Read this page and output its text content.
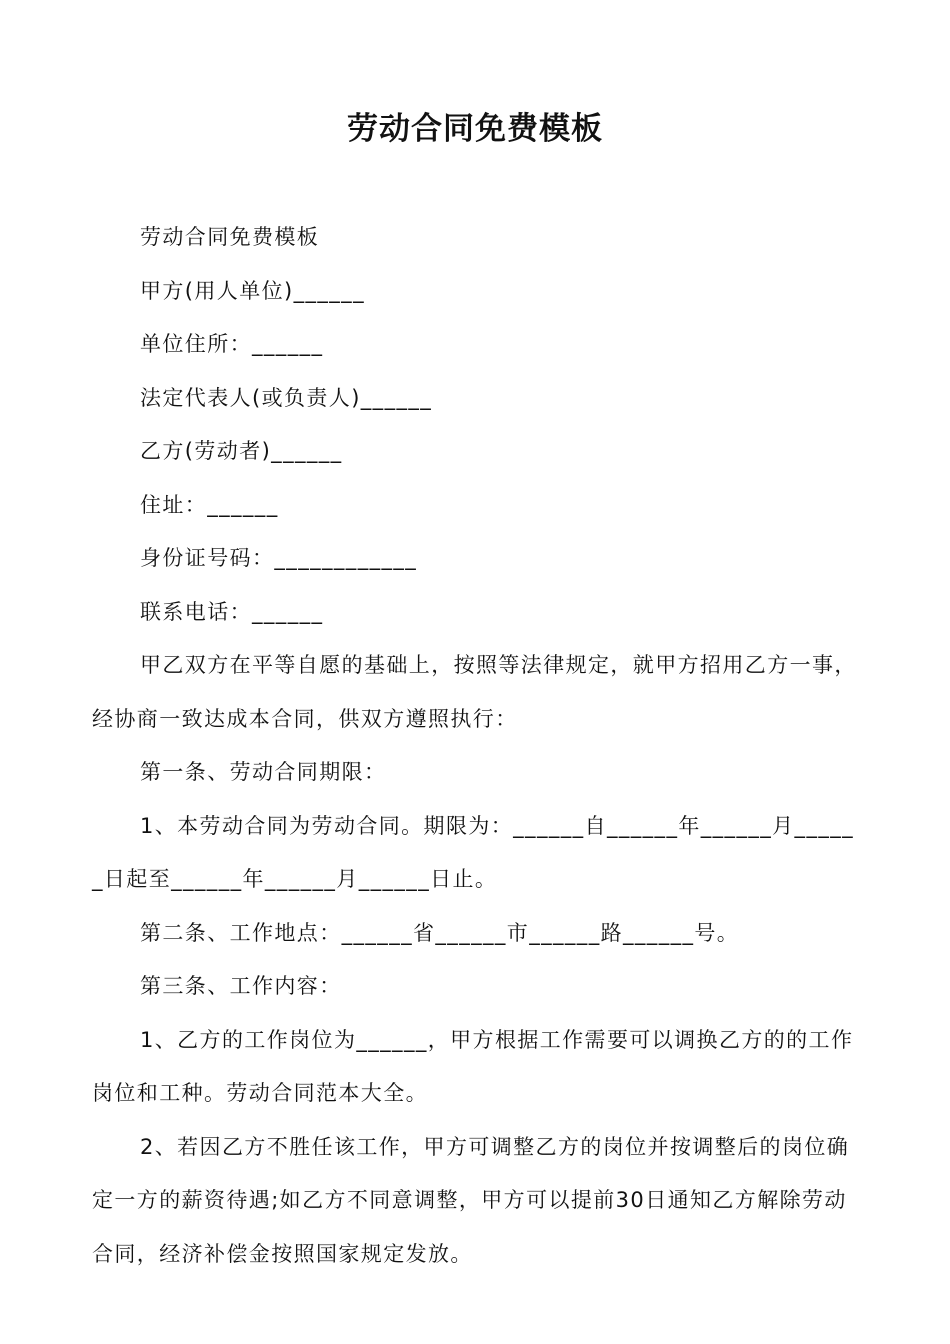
劳动合同免费模板

劳动合同免费模板

甲方(用人单位)______

单位住所：______

法定代表人(或负责人)______

乙方(劳动者)______

住址：______

身份证号码：____________

联系电话：______

甲乙双方在平等自愿的基础上，按照等法律规定，就甲方招用乙方一事，经协商一致达成本合同，供双方遵照执行：

第一条、劳动合同期限：

1、本劳动合同为劳动合同。期限为：______自______年______月______日起至______年______月______日止。

第二条、工作地点：______省______市______路______号。

第三条、工作内容：

1、乙方的工作岗位为______，甲方根据工作需要可以调换乙方的的工作岗位和工种。劳动合同范本大全。

2、若因乙方不胜任该工作，甲方可调整乙方的岗位并按调整后的岗位确定一方的薪资待遇;如乙方不同意调整，甲方可以提前30日通知乙方解除劳动合同，经济补偿金按照国家规定发放。
